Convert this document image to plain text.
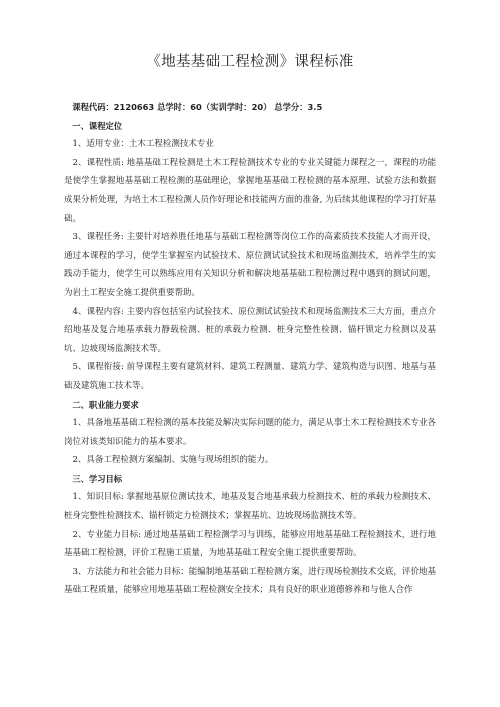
《地基基础工程检测》课程标准

课程代码：2120663 总学时：60（实训学时：20） 总学分：3.5

一、课程定位

1、适用专业：土木工程检测技术专业

2、课程性质: 地基基础工程检测是土木工程检测技术专业的专业关键能力课程之一，课程的功能是使学生掌握地基基础工程检测的基础理论，掌握地基基础工程检测的基本原理、试验方法和数据成果分析处理，为培土木工程检测人员作好理论和技能两方面的准备, 为后续其他课程的学习打好基础。

3、课程任务: 主要针对培养胜任地基与基础工程检测等岗位工作的高素质技术技能人才而开设，通过本课程的学习，使学生掌握室内试验技术、原位测试试验技术和现场监测技术，培养学生的实践动手能力，使学生可以熟练应用有关知识分析和解决地基基础工程检测过程中遇到的测试问题，为岩土工程安全施工提供重要帮助。

4、课程内容: 主要内容包括室内试验技术、原位测试试验技术和现场监测技术三大方面，重点介绍地基及复合地基承载力静载检测、桩的承载力检测、桩身完整性检测、锚杆锁定力检测以及基坑、边坡现场监测技术等。

5、课程衔接: 前导课程主要有建筑材料、建筑工程测量、建筑力学、建筑构造与识图、地基与基础及建筑施工技术等。

二、职业能力要求

1、具备地基基础工程检测的基本技能及解决实际问题的能力，满足从事土木工程检测技术专业各岗位对该类知识能力的基本要求。

2、具备工程检测方案编制、实施与现场组织的能力。

三、学习目标

1、知识目标: 掌握地基原位测试技术，地基及复合地基承载力检测技术、桩的承载力检测技术、桩身完整性检测技术、锚杆锁定力检测技术；掌握基坑、边坡现场监测技术等。

2、专业能力目标: 通过地基基础工程检测学习与训练，能够应用地基基础工程检测技术，进行地基基础工程检测，评价工程施工质量，为地基基础工程安全施工提供重要帮助。

3、方法能力和社会能力目标：能编制地基基础工程检测方案，进行现场检测技术交底，评价地基基础工程质量，能够应用地基基础工程检测安全技术；具有良好的职业道德修养和与他人合作
